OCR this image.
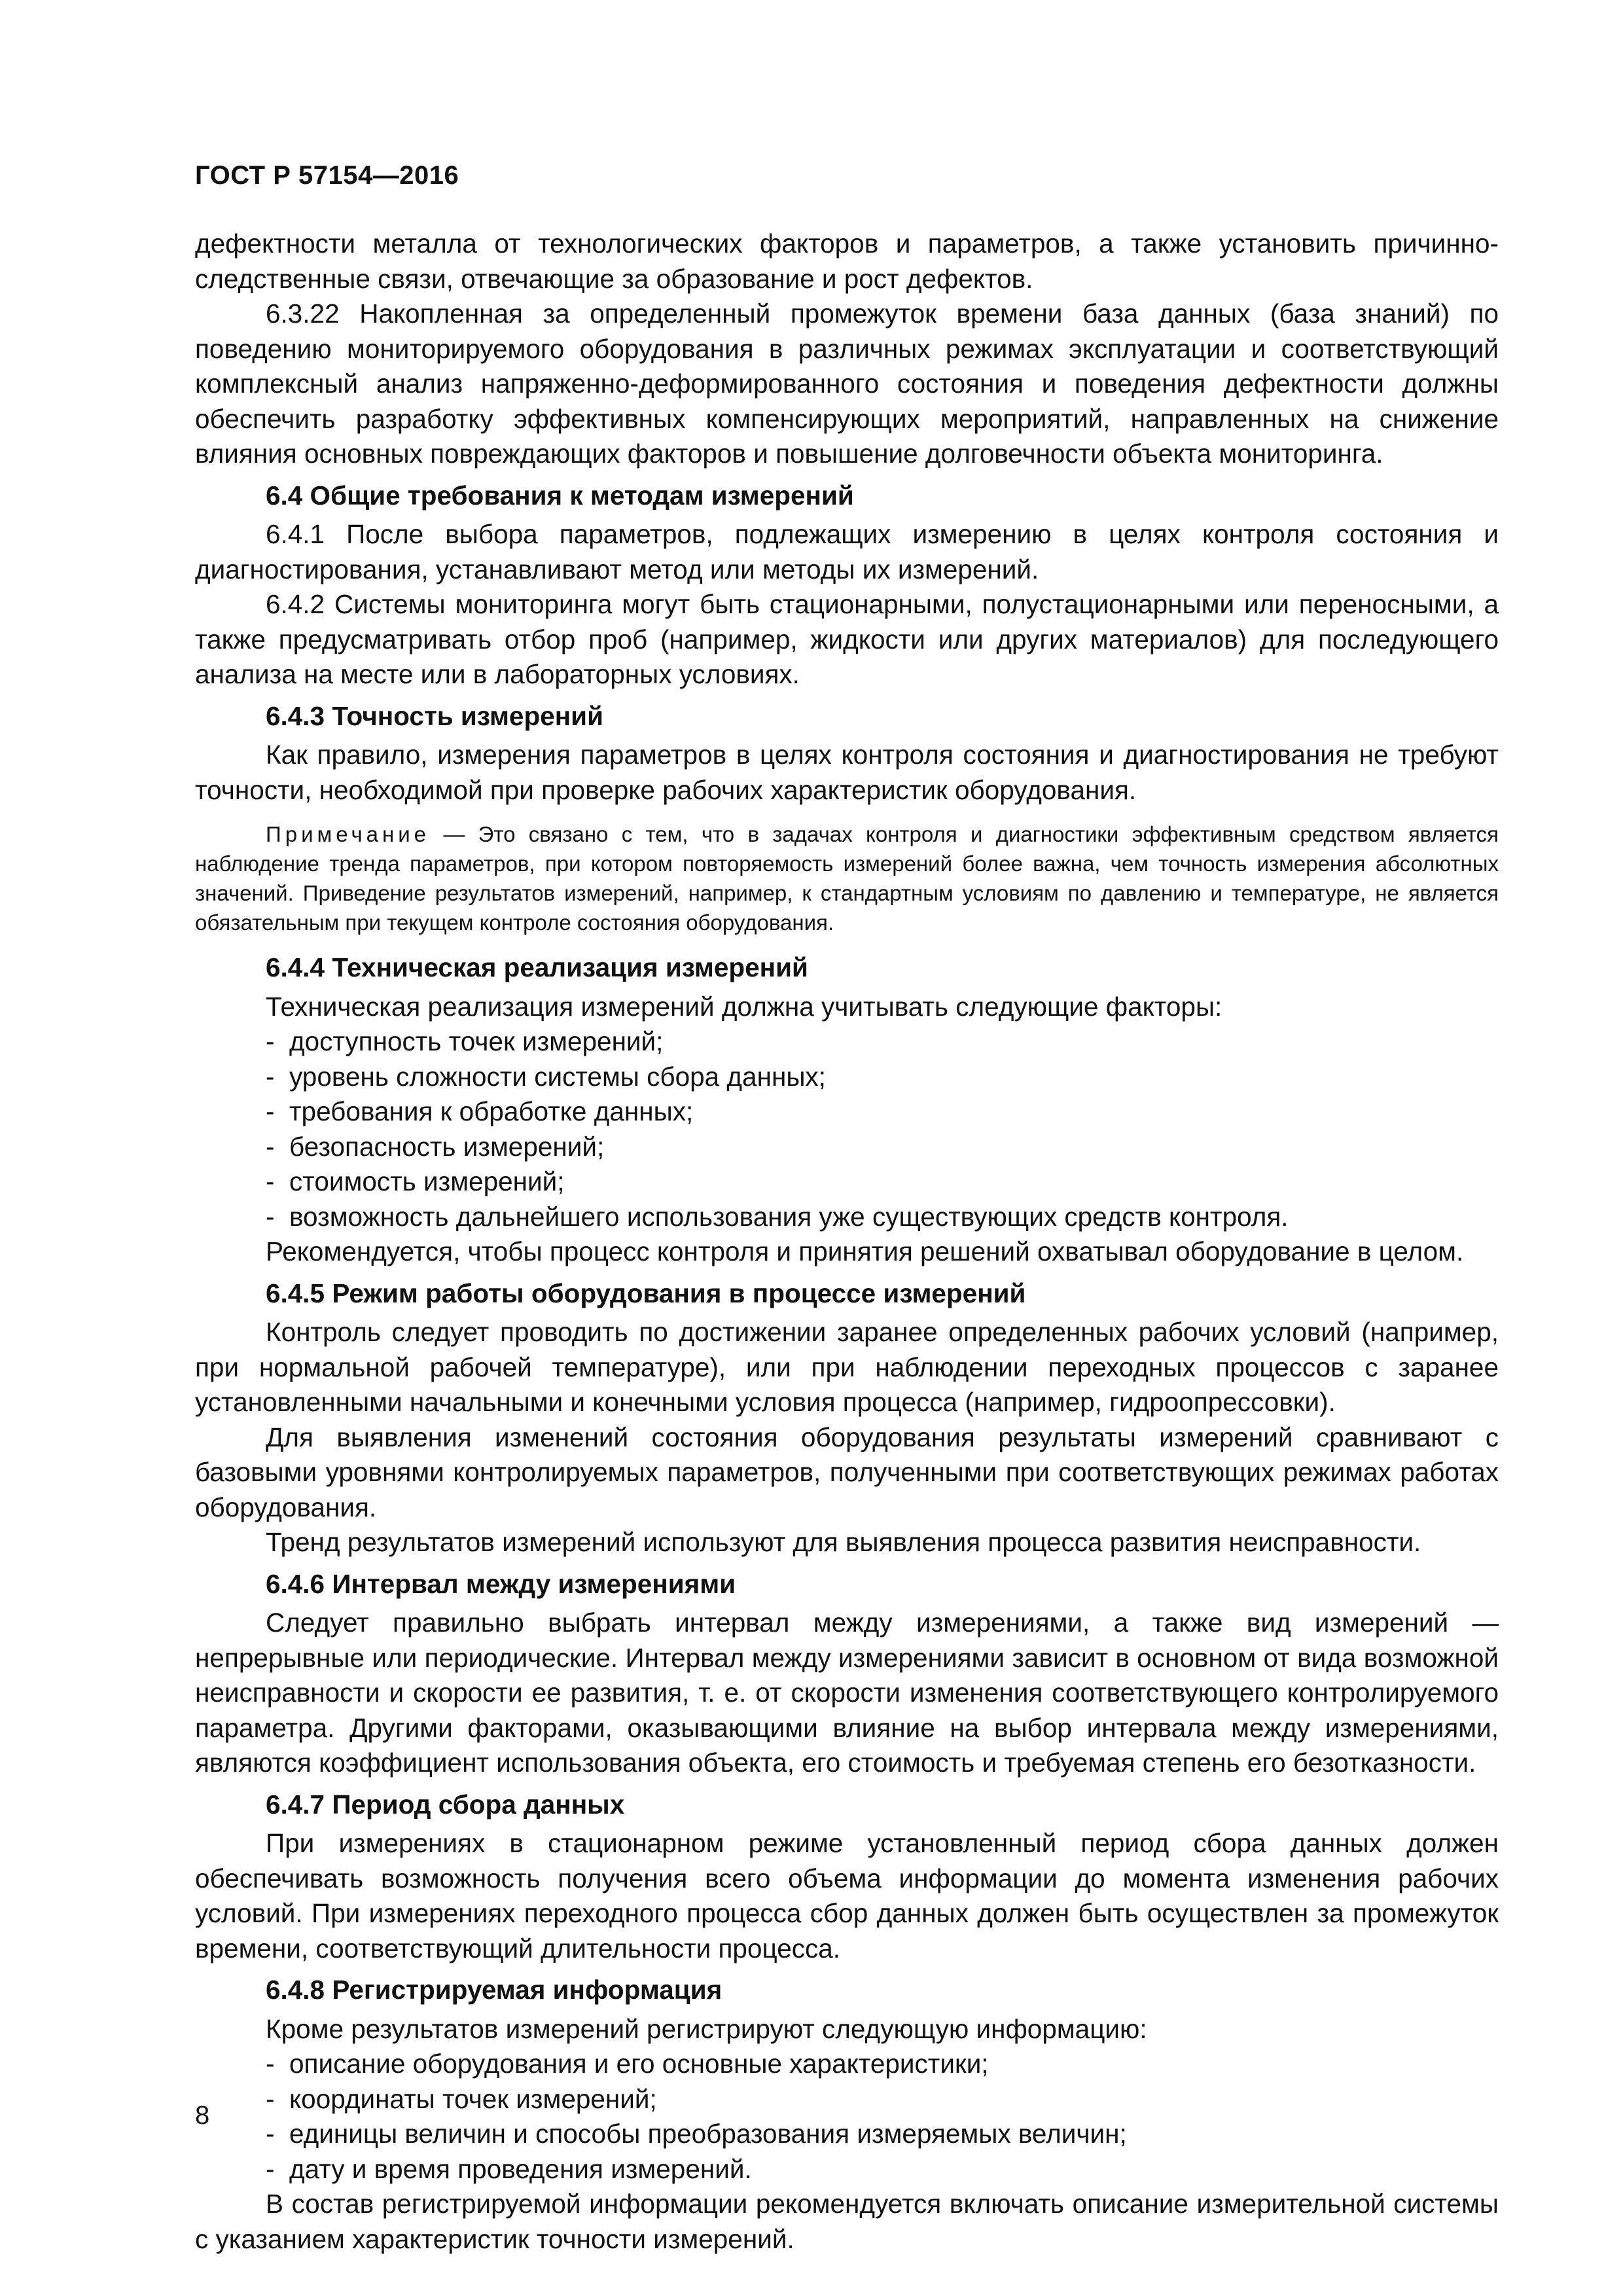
ГОСТ Р 57154—2016

дефектности металла от технологических факторов и параметров, а также установить причинно-следственные связи, отвечающие за образование и рост дефектов.

6.3.22 Накопленная за определенный промежуток времени база данных (база знаний) по поведению мониторируемого оборудования в различных режимах эксплуатации и соответствующий комплексный анализ напряженно-деформированного состояния и поведения дефектности должны обеспечить разработку эффективных компенсирующих мероприятий, направленных на снижение влияния основных повреждающих факторов и повышение долговечности объекта мониторинга.

6.4 Общие требования к методам измерений

6.4.1 После выбора параметров, подлежащих измерению в целях контроля состояния и диагностирования, устанавливают метод или методы их измерений.

6.4.2 Системы мониторинга могут быть стационарными, полустационарными или переносными, а также предусматривать отбор проб (например, жидкости или других материалов) для последующего анализа на месте или в лабораторных условиях.

6.4.3 Точность измерений

Как правило, измерения параметров в целях контроля состояния и диагностирования не требуют точности, необходимой при проверке рабочих характеристик оборудования.

Примечание — Это связано с тем, что в задачах контроля и диагностики эффективным средством является наблюдение тренда параметров, при котором повторяемость измерений более важна, чем точность измерения абсолютных значений. Приведение результатов измерений, например, к стандартным условиям по давлению и температуре, не является обязательным при текущем контроле состояния оборудования.

6.4.4 Техническая реализация измерений

Техническая реализация измерений должна учитывать следующие факторы:

- доступность точек измерений;
- уровень сложности системы сбора данных;
- требования к обработке данных;
- безопасность измерений;
- стоимость измерений;
- возможность дальнейшего использования уже существующих средств контроля.

Рекомендуется, чтобы процесс контроля и принятия решений охватывал оборудование в целом.

6.4.5 Режим работы оборудования в процессе измерений

Контроль следует проводить по достижении заранее определенных рабочих условий (например, при нормальной рабочей температуре), или при наблюдении переходных процессов с заранее установленными начальными и конечными условия процесса (например, гидроопрессовки).

Для выявления изменений состояния оборудования результаты измерений сравнивают с базовыми уровнями контролируемых параметров, полученными при соответствующих режимах работах оборудования.

Тренд результатов измерений используют для выявления процесса развития неисправности.

6.4.6 Интервал между измерениями

Следует правильно выбрать интервал между измерениями, а также вид измерений — непрерывные или периодические. Интервал между измерениями зависит в основном от вида возможной неисправности и скорости ее развития, т. е. от скорости изменения соответствующего контролируемого параметра. Другими факторами, оказывающими влияние на выбор интервала между измерениями, являются коэффициент использования объекта, его стоимость и требуемая степень его безотказности.

6.4.7 Период сбора данных

При измерениях в стационарном режиме установленный период сбора данных должен обеспечивать возможность получения всего объема информации до момента изменения рабочих условий. При измерениях переходного процесса сбор данных должен быть осуществлен за промежуток времени, соответствующий длительности процесса.

6.4.8 Регистрируемая информация

Кроме результатов измерений регистрируют следующую информацию:

- описание оборудования и его основные характеристики;
- координаты точек измерений;
- единицы величин и способы преобразования измеряемых величин;
- дату и время проведения измерений.

В состав регистрируемой информации рекомендуется включать описание измерительной системы с указанием характеристик точности измерений.

8
